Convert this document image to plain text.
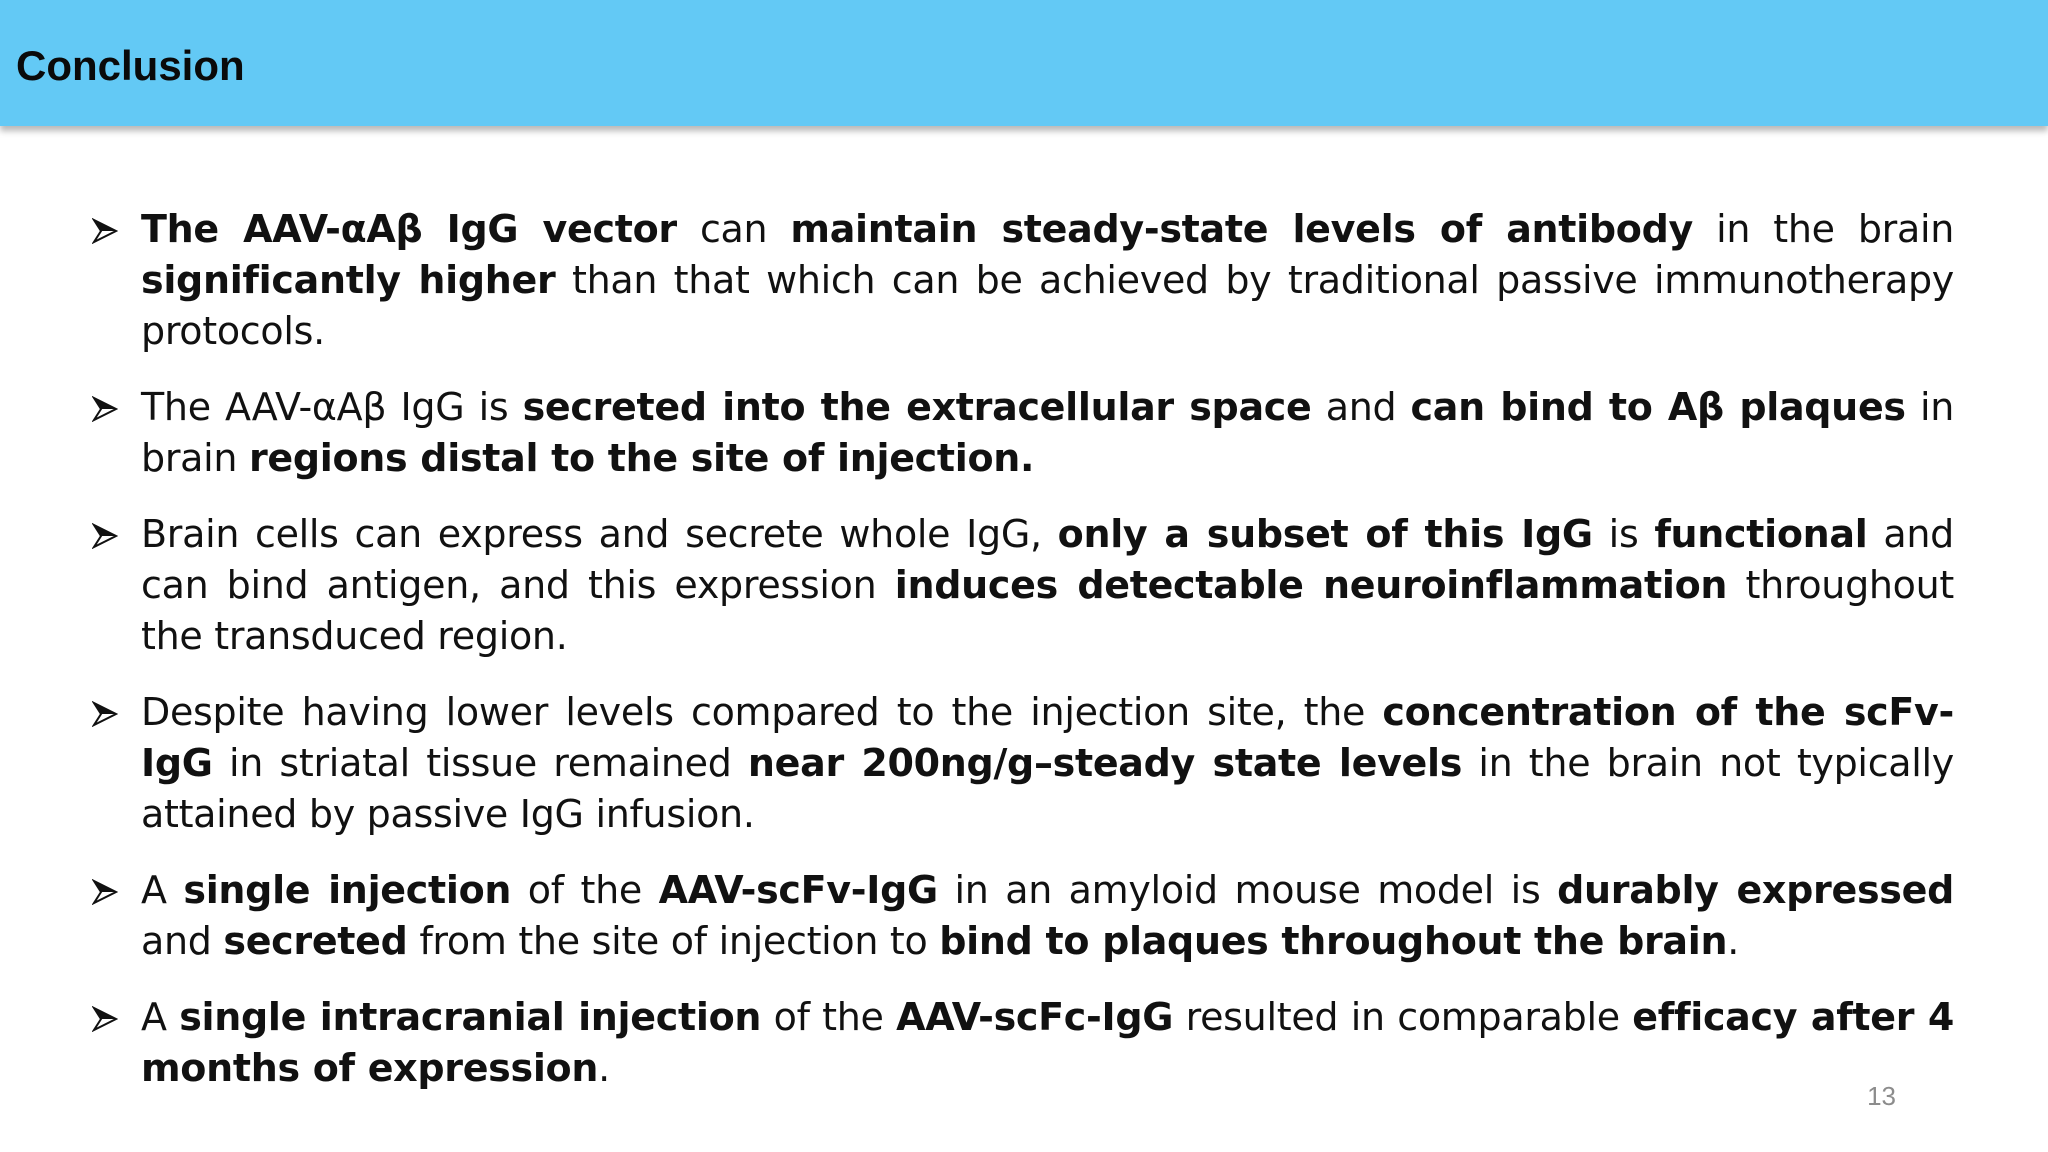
Conclusion
The AAV-αAβ IgG vector can maintain steady-state levels of antibody in the brain significantly higher than that which can be achieved by traditional passive immunotherapy protocols.
The AAV-αAβ IgG is secreted into the extracellular space and can bind to Aβ plaques in brain regions distal to the site of injection.
Brain cells can express and secrete whole IgG, only a subset of this IgG is functional and can bind antigen, and this expression induces detectable neuroinflammation throughout the transduced region.
Despite having lower levels compared to the injection site, the concentration of the scFv-IgG in striatal tissue remained near 200ng/g–steady state levels in the brain not typically attained by passive IgG infusion.
A single injection of the AAV-scFv-IgG in an amyloid mouse model is durably expressed and secreted from the site of injection to bind to plaques throughout the brain.
A single intracranial injection of the AAV-scFc-IgG resulted in comparable efficacy after 4 months of expression.
13
